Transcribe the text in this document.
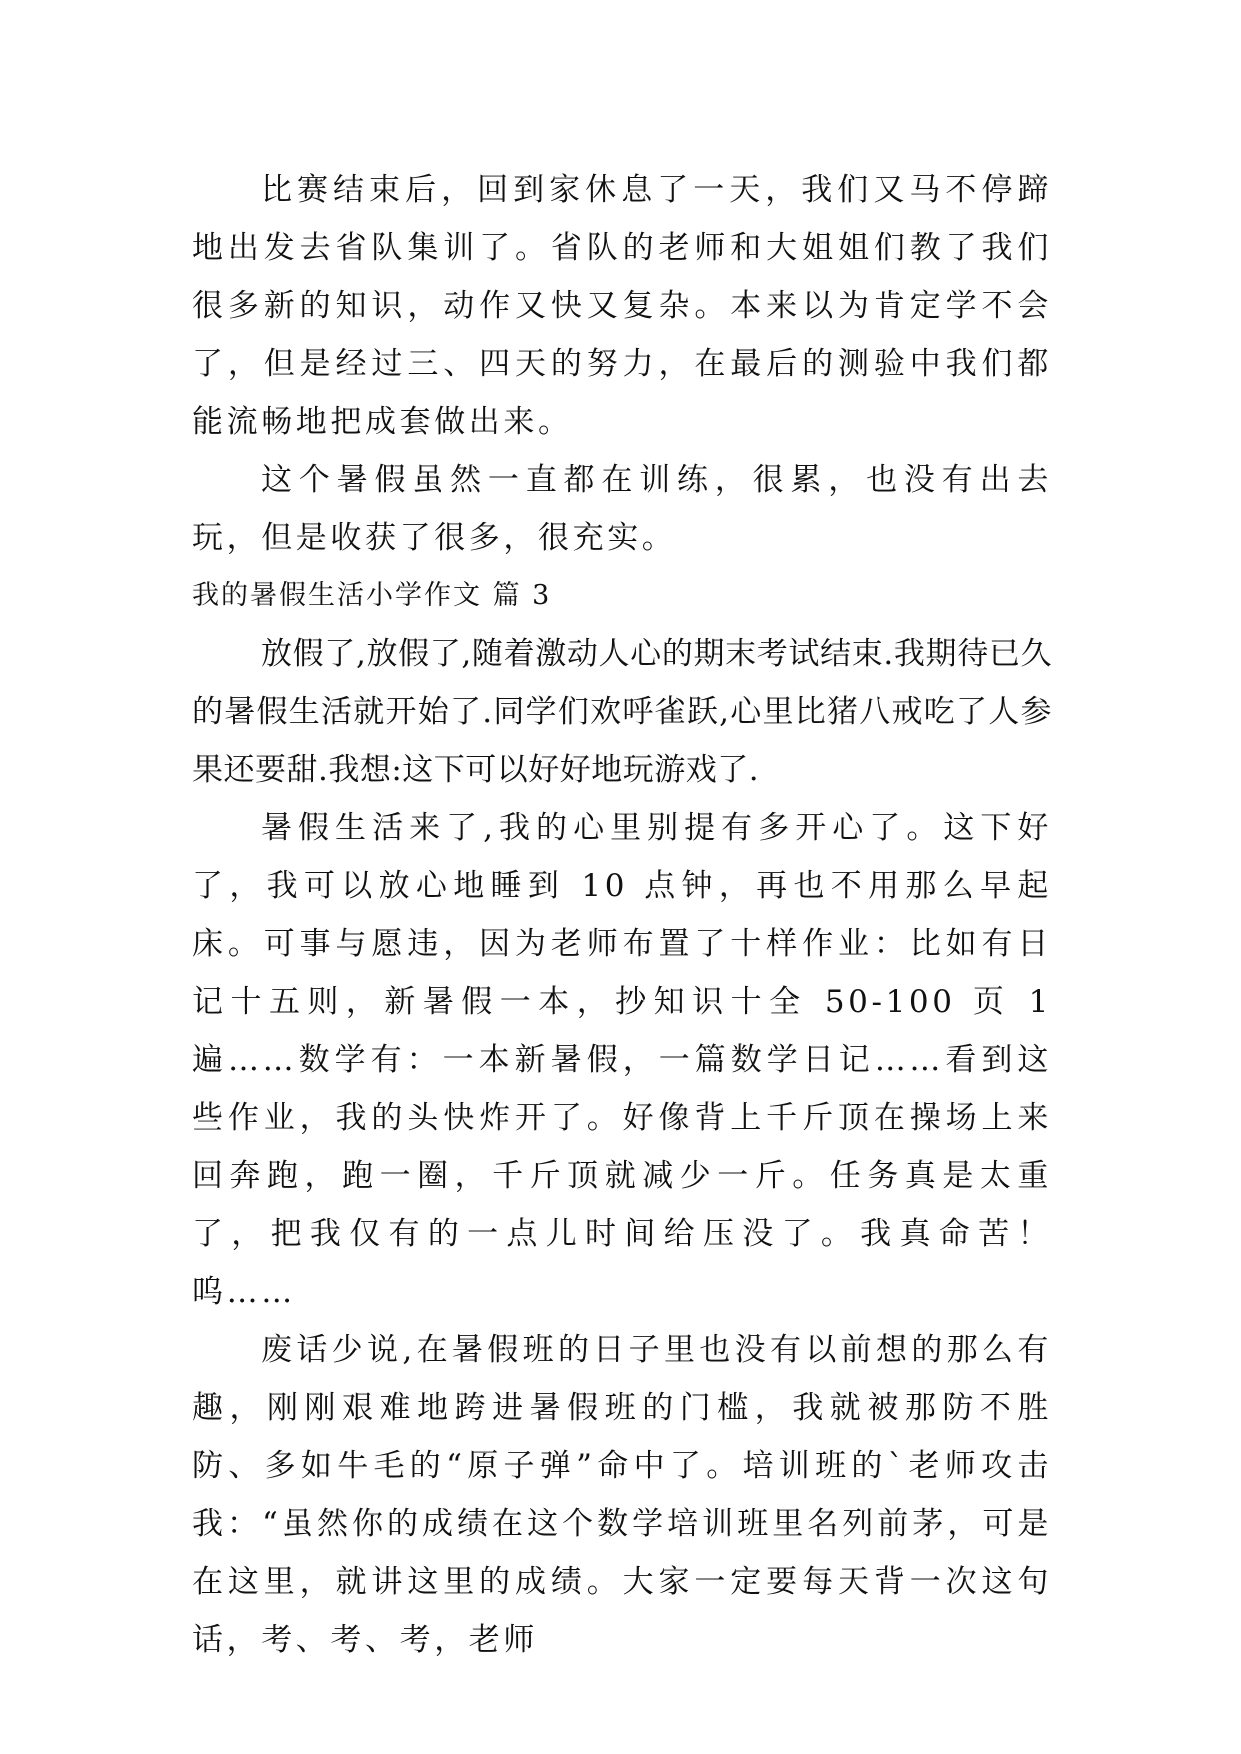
比赛结束后，回到家休息了一天，我们又马不停蹄地出发去省队集训了。省队的老师和大姐姐们教了我们很多新的知识，动作又快又复杂。本来以为肯定学不会了，但是经过三、四天的努力，在最后的测验中我们都能流畅地把成套做出来。

这个暑假虽然一直都在训练，很累，也没有出去玩，但是收获了很多，很充实。

我的暑假生活小学作文 篇 3

放假了,放假了,随着激动人心的期末考试结束.我期待已久的暑假生活就开始了.同学们欢呼雀跃,心里比猪八戒吃了人参果还要甜.我想:这下可以好好地玩游戏了.

暑假生活来了,我的心里别提有多开心了。这下好了，我可以放心地睡到 10 点钟，再也不用那么早起床。可事与愿违，因为老师布置了十样作业：比如有日记十五则，新暑假一本，抄知识十全 50-100 页 1 遍……数学有：一本新暑假，一篇数学日记……看到这些作业，我的头快炸开了。好像背上千斤顶在操场上来回奔跑，跑一圈，千斤顶就减少一斤。任务真是太重了，把我仅有的一点儿时间给压没了。我真命苦！呜……

废话少说,在暑假班的日子里也没有以前想的那么有趣，刚刚艰难地跨进暑假班的门槛，我就被那防不胜防、多如牛毛的“原子弹”命中了。培训班的`老师攻击我：“虽然你的成绩在这个数学培训班里名列前茅，可是在这里，就讲这里的成绩。大家一定要每天背一次这句话，考、考、考，老师
